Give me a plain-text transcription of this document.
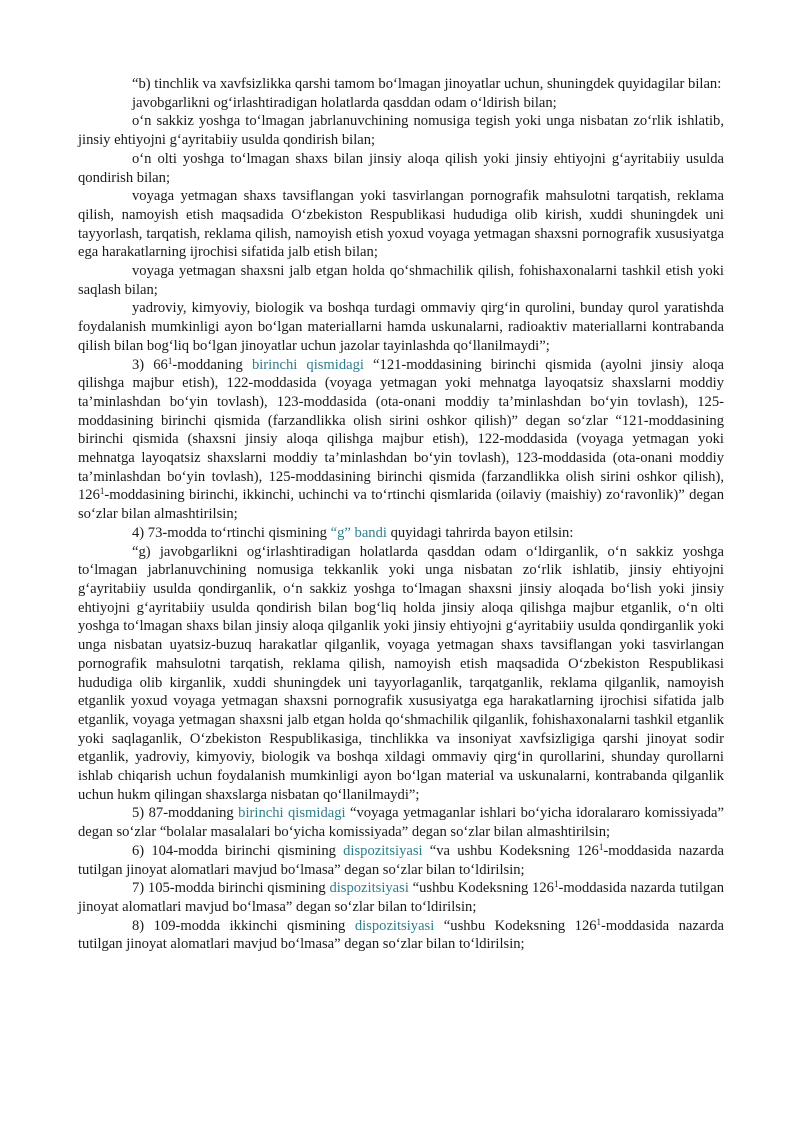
“b) tinchlik va xavfsizlikka qarshi tamom bo‘lmagan jinoyatlar uchun, shuningdek quyidagilar bilan:

javobgarlikni og‘irlashtiradigan holatlarda qasddan odam o‘ldirish bilan;

o‘n sakkiz yoshga to‘lmagan jabrlanuvchining nomusiga tegish yoki unga nisbatan zo‘rlik ishlatib, jinsiy ehtiyojni g‘ayritabiiy usulda qondirish bilan;

o‘n olti yoshga to‘lmagan shaxs bilan jinsiy aloqa qilish yoki jinsiy ehtiyojni g‘ayritabiiy usulda qondirish bilan;

voyaga yetmagan shaxs tavsiflangan yoki tasvirlangan pornografik mahsulotni tarqatish, reklama qilish, namoyish etish maqsadida O‘zbekiston Respublikasi hududiga olib kirish, xuddi shuningdek uni tayyorlash, tarqatish, reklama qilish, namoyish etish yoxud voyaga yetmagan shaxsni pornografik xususiyatga ega harakatlarning ijrochisi sifatida jalb etish bilan;

voyaga yetmagan shaxsni jalb etgan holda qo‘shmachilik qilish, fohishaxonalarni tashkil etish yoki saqlash bilan;

yadroviy, kimyoviy, biologik va boshqa turdagi ommaviy qirg‘in qurolini, bunday qurol yaratishda foydalanish mumkinligi ayon bo‘lgan materiallarni hamda uskunalarni, radioaktiv materiallarni kontrabanda qilish bilan bog‘liq bo‘lgan jinoyatlar uchun jazolar tayinlashda qo‘llanilmaydi”;

3) $66^1$-moddaning birinchi qismidagi “121-moddasining birinchi qismida (ayolni jinsiy aloqa qilishga majbur etish), 122-moddasida (voyaga yetmagan yoki mehnatga layoqatsiz shaxslarni moddiy ta’minlashdan bo‘yin tovlash), 123-moddasida (ota-onani moddiy ta’minlashdan bo‘yin tovlash), 125-moddasining birinchi qismida (farzandlikka olish sirini oshkor qilish)” degan so‘zlar “121-moddasining birinchi qismida (shaxsni jinsiy aloqa qilishga majbur etish), 122-moddasida (voyaga yetmagan yoki mehnatga layoqatsiz shaxslarni moddiy ta’minlashdan bo‘yin tovlash), 123-moddasida (ota-onani moddiy ta’minlashdan bo‘yin tovlash), 125-moddasining birinchi qismida (farzandlikka olish sirini oshkor qilish), $126^1$-moddasining birinchi, ikkinchi, uchinchi va to‘rtinchi qismlarida (oilaviy (maishiy) zo‘ravonlik)” degan so‘zlar bilan almashtirilsin;

4) 73-modda to‘rtinchi qismining “g” bandi quyidagi tahrirda bayon etilsin:

“g) javobgarlikni og‘irlashtiradigan holatlarda qasddan odam o‘ldirganlik, o‘n sakkiz yoshga to‘lmagan jabrlanuvchining nomusiga tekkanlik yoki unga nisbatan zo‘rlik ishlatib, jinsiy ehtiyojni g‘ayritabiiy usulda qondirganlik, o‘n sakkiz yoshga to‘lmagan shaxsni jinsiy aloqada bo‘lish yoki jinsiy ehtiyojni g‘ayritabiiy usulda qondirish bilan bog‘liq holda jinsiy aloqa qilishga majbur etganlik, o‘n olti yoshga to‘lmagan shaxs bilan jinsiy aloqa qilganlik yoki jinsiy ehtiyojni g‘ayritabiiy usulda qondirganlik yoki unga nisbatan uyatsiz-buzuq harakatlar qilganlik, voyaga yetmagan shaxs tavsiflangan yoki tasvirlangan pornografik mahsulotni tarqatish, reklama qilish, namoyish etish maqsadida O‘zbekiston Respublikasi hududiga olib kirganlik, xuddi shuningdek uni tayyorlaganlik, tarqatganlik, reklama qilganlik, namoyish etganlik yoxud voyaga yetmagan shaxsni pornografik xususiyatga ega harakatlarning ijrochisi sifatida jalb etganlik, voyaga yetmagan shaxsni jalb etgan holda qo‘shmachilik qilganlik, fohishaxonalarni tashkil etganlik yoki saqlaganlik, O‘zbekiston Respublikasiga, tinchlikka va insoniyat xavfsizligiga qarshi jinoyat sodir etganlik, yadroviy, kimyoviy, biologik va boshqa xildagi ommaviy qirg‘in qurollarini, shunday qurollarni ishlab chiqarish uchun foydalanish mumkinligi ayon bo‘lgan material va uskunalarni, kontrabanda qilganlik uchun hukm qilingan shaxslarga nisbatan qo‘llanilmaydi”;

5) 87-moddaning birinchi qismidagi “voyaga yetmaganlar ishlari bo‘yicha idoralararo komissiyada” degan so‘zlar “bolalar masalalari bo‘yicha komissiyada” degan so‘zlar bilan almashtirilsin;

6) 104-modda birinchi qismining dispozitsiyasi “va ushbu Kodeksning $126^1$-moddasida nazarda tutilgan jinoyat alomatlari mavjud bo‘lmasa” degan so‘zlar bilan to‘ldirilsin;

7) 105-modda birinchi qismining dispozitsiyasi “ushbu Kodeksning $126^1$-moddasida nazarda tutilgan jinoyat alomatlari mavjud bo‘lmasa” degan so‘zlar bilan to‘ldirilsin;

8) 109-modda ikkinchi qismining dispozitsiyasi “ushbu Kodeksning $126^1$-moddasida nazarda tutilgan jinoyat alomatlari mavjud bo‘lmasa” degan so‘zlar bilan to‘ldirilsin;
